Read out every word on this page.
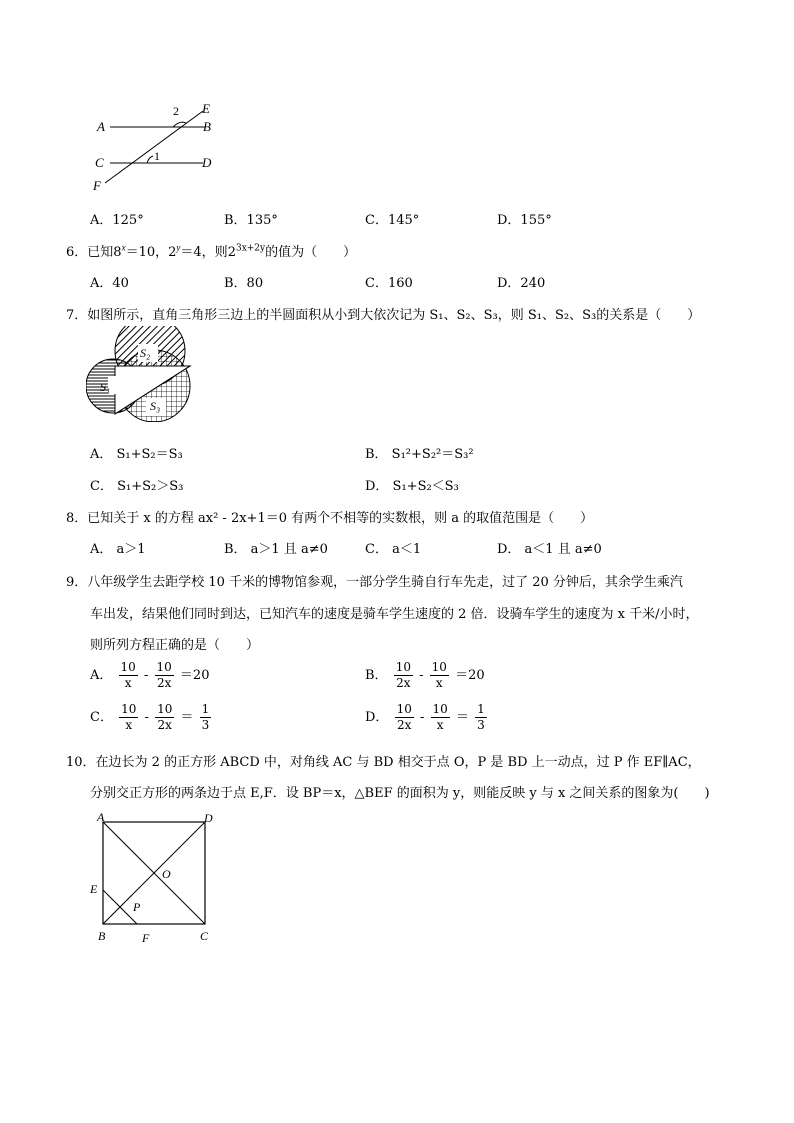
A	B
C	D
E
F
1
2
A．125°	B．135°	C．145°	D．155°
6．已知$8^x=10$，$2^y=4$，则$2^{3x+2y}$的值为（　　）
A．40	B．80	C．160	D．240
7．如图所示，直角三角形三边上的半圆面积从小到大依次记为 S₁、S₂、S₃，则 S₁、S₂、S₃的关系是（　　）
S₁
S₂
S₃
A． S₁+S₂＝S₃	B． S₁²+S₂²＝S₃²
C． S₁+S₂＞S₃	D． S₁+S₂＜S₃
8．已知关于 x 的方程 ax² - 2x+1＝0 有两个不相等的实数根，则 a 的取值范围是（　　）
A． a＞1	B． a＞1 且 a≠0	C． a＜1	D． a＜1 且 a≠0
9．八年级学生去距学校 10 千米的博物馆参观，一部分学生骑自行车先走，过了 20 分钟后，其余学生乘汽
车出发，结果他们同时到达，已知汽车的速度是骑车学生速度的 2 倍．设骑车学生的速度为 x 千米/小时，
则所列方程正确的是（　　）
A． $\frac{10}{x} - \frac{10}{2x} =20$	B． $\frac{10}{2x} - \frac{10}{x} =20$
C． $\frac{10}{x} - \frac{10}{2x} = \frac{1}{3}$	D． $\frac{10}{2x} - \frac{10}{x} = \frac{1}{3}$
10．在边长为 2 的正方形 ABCD 中，对角线 AC 与 BD 相交于点 O，P 是 BD 上一动点，过 P 作 EF∥AC，
分别交正方形的两条边于点 E,F．设 BP＝x，△BEF 的面积为 y，则能反映 y 与 x 之间关系的图象为(　　)
A	D
B	C
E
F
O
P
